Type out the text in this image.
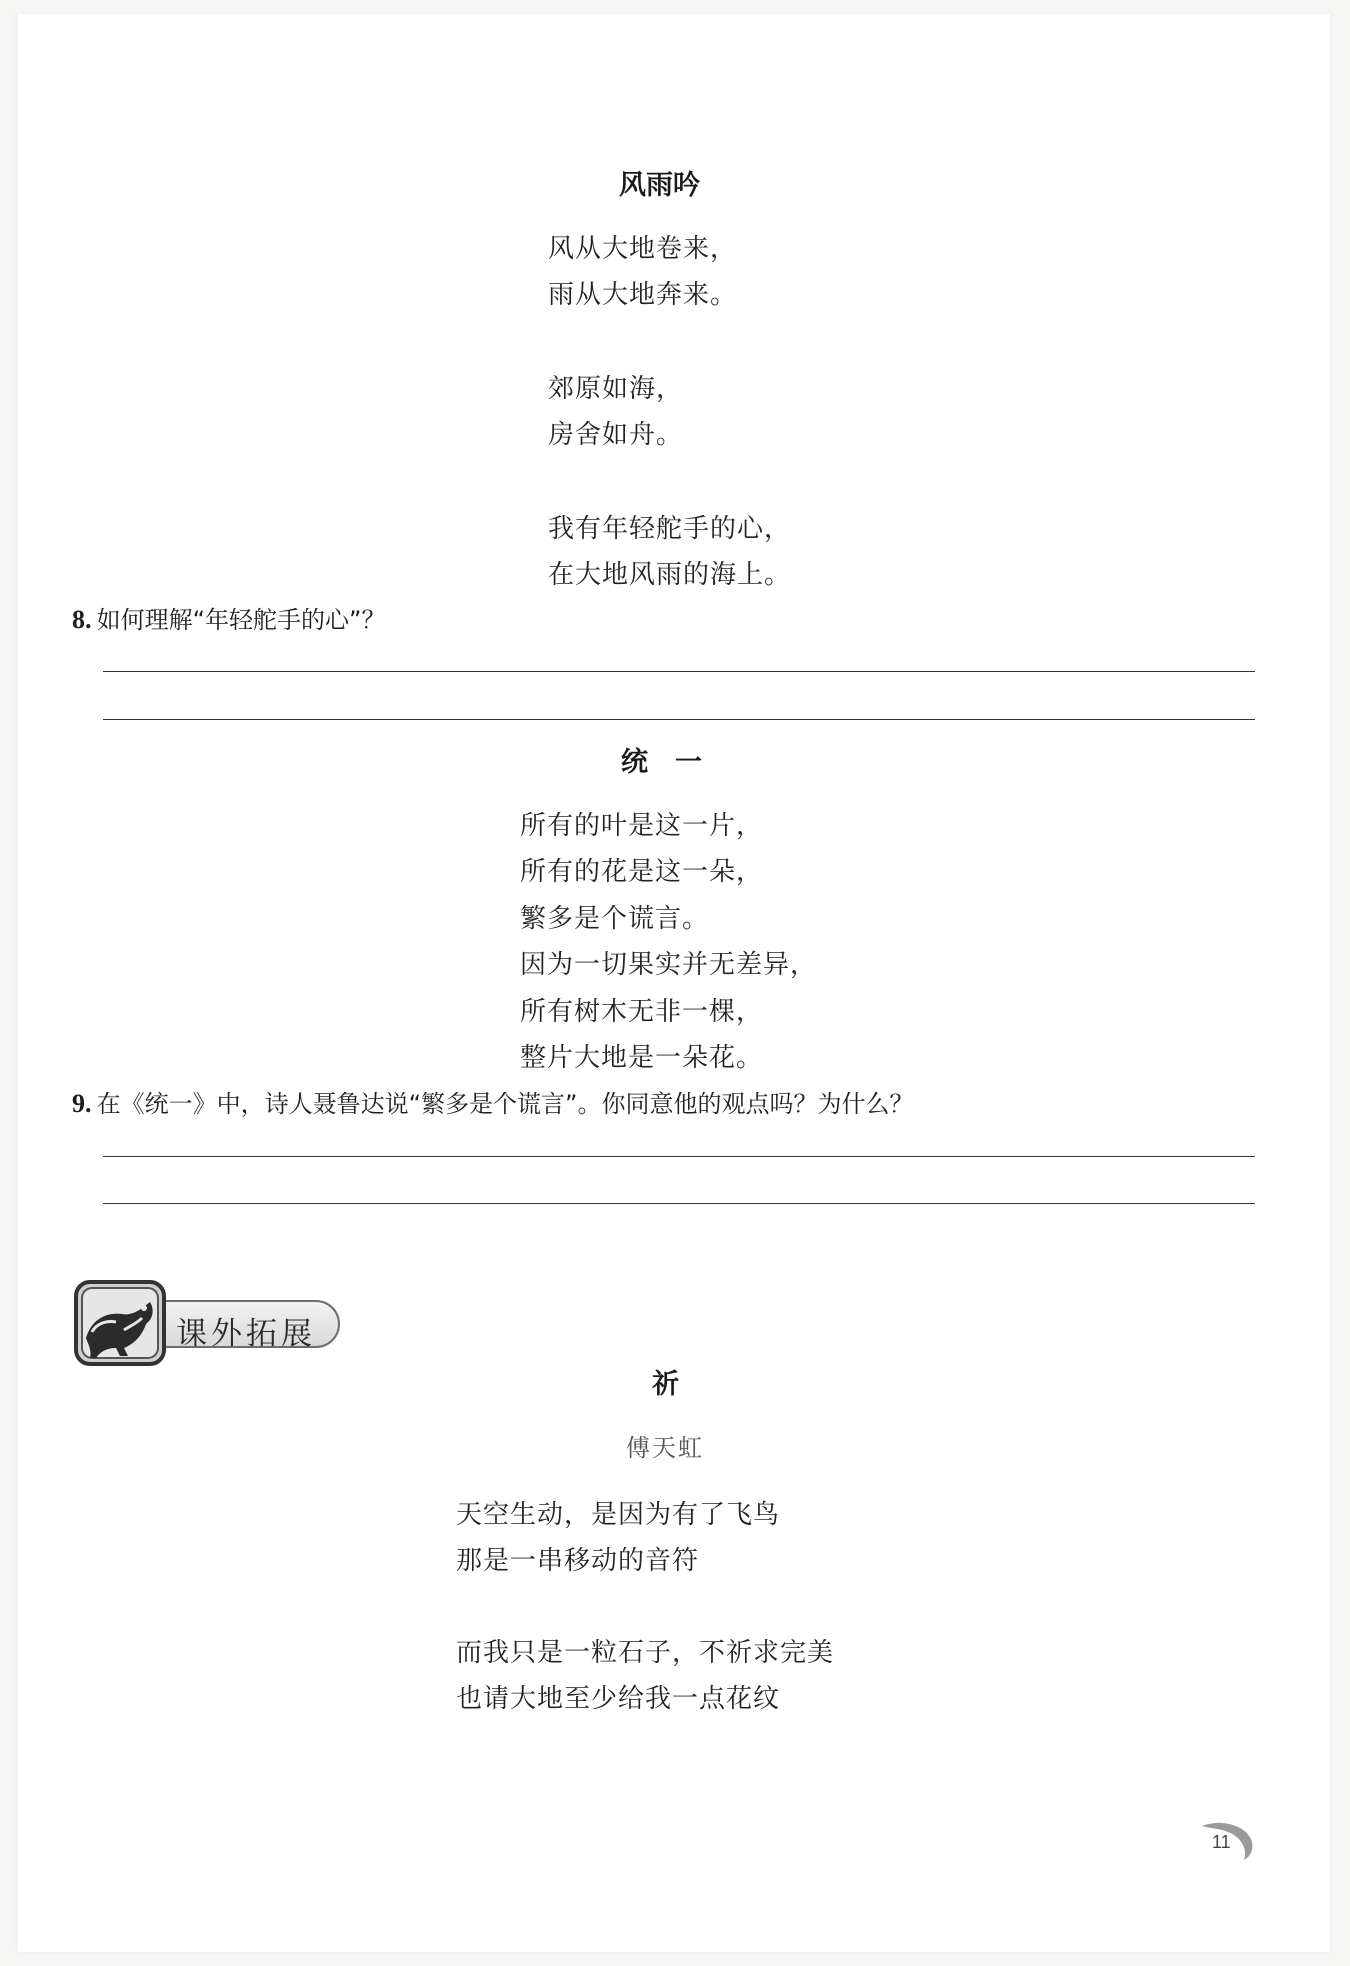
风雨吟
风从大地卷来，
雨从大地奔来。
郊原如海，
房舍如舟。
我有年轻舵手的心，
在大地风雨的海上。
8. 如何理解“年轻舵手的心”？
统　一
所有的叶是这一片，
所有的花是这一朵，
繁多是个谎言。
因为一切果实并无差异，
所有树木无非一棵，
整片大地是一朵花。
9. 在《统一》中，诗人聂鲁达说“繁多是个谎言”。你同意他的观点吗？为什么？
课外拓展
祈
傅天虹
天空生动，是因为有了飞鸟
那是一串移动的音符
而我只是一粒石子，不祈求完美
也请大地至少给我一点花纹
11
